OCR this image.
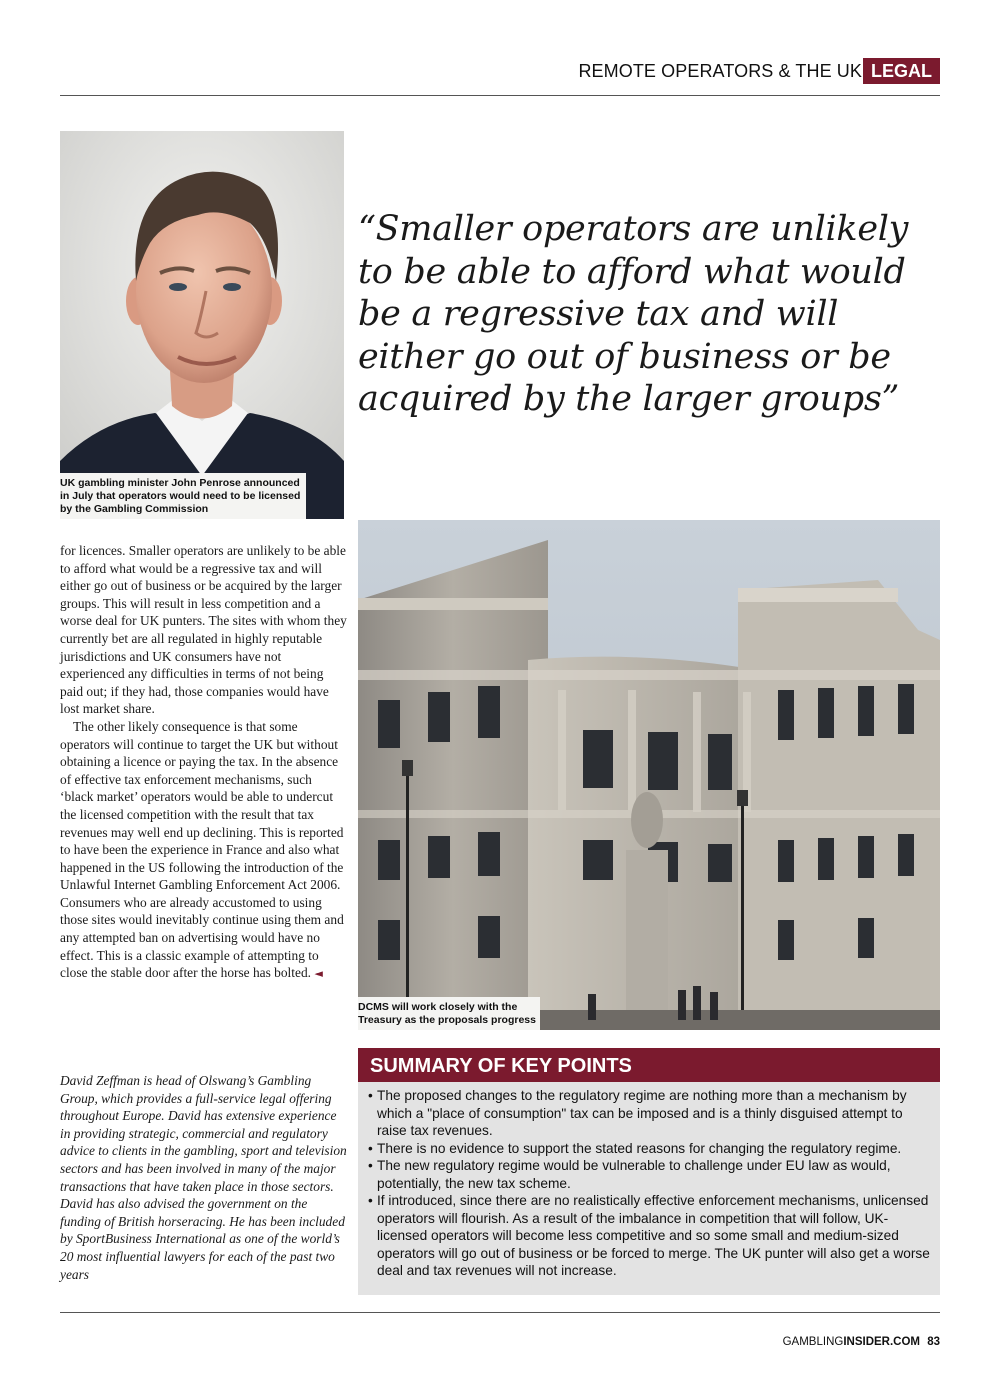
REMOTE OPERATORS & THE UK LEGAL
UK gambling minister John Penrose announced in July that operators would need to be licensed by the Gambling Commission
“Smaller operators are unlikely to be able to afford what would be a regressive tax and will either go out of business or be acquired by the larger groups”

for licences. Smaller operators are unlikely to be able to afford what would be a regressive tax and will either go out of business or be acquired by the larger groups. This will result in less competition and a worse deal for UK punters. The sites with whom they currently bet are all regulated in highly reputable jurisdictions and UK consumers have not experienced any difficulties in terms of not being paid out; if they had, those companies would have lost market share.

The other likely consequence is that some operators will continue to target the UK but without obtaining a licence or paying the tax. In the absence of effective tax enforcement mechanisms, such ‘black market’ operators would be able to undercut the licensed competition with the result that tax revenues may well end up declining. This is reported to have been the experience in France and also what happened in the US following the introduction of the Unlawful Internet Gambling Enforcement Act 2006. Consumers who are already accustomed to using those sites would inevitably continue using them and any attempted ban on advertising would have no effect. This is a classic example of attempting to close the stable door after the horse has bolted. ◄

David Zeffman is head of Olswang’s Gambling Group, which provides a full-service legal offering throughout Europe. David has extensive experience in providing strategic, commercial and regulatory advice to clients in the gambling, sport and television sectors and has been involved in many of the major transactions that have taken place in those sectors. David has also advised the government on the funding of British horseracing. He has been included by SportBusiness International as one of the world’s 20 most influential lawyers for each of the past two years
DCMS will work closely with the Treasury as the proposals progress
SUMMARY OF KEY POINTS
• The proposed changes to the regulatory regime are nothing more than a mechanism by which a "place of consumption" tax can be imposed and is a thinly disguised attempt to raise tax revenues.
• There is no evidence to support the stated reasons for changing the regulatory regime.
• The new regulatory regime would be vulnerable to challenge under EU law as would, potentially, the new tax scheme.
• If introduced, since there are no realistically effective enforcement mechanisms, unlicensed operators will flourish. As a result of the imbalance in competition that will follow, UK-licensed operators will become less competitive and so some small and medium-sized operators will go out of business or be forced to merge. The UK punter will also get a worse deal and tax revenues will not increase.
GAMBLINGINSIDER.COM 83
